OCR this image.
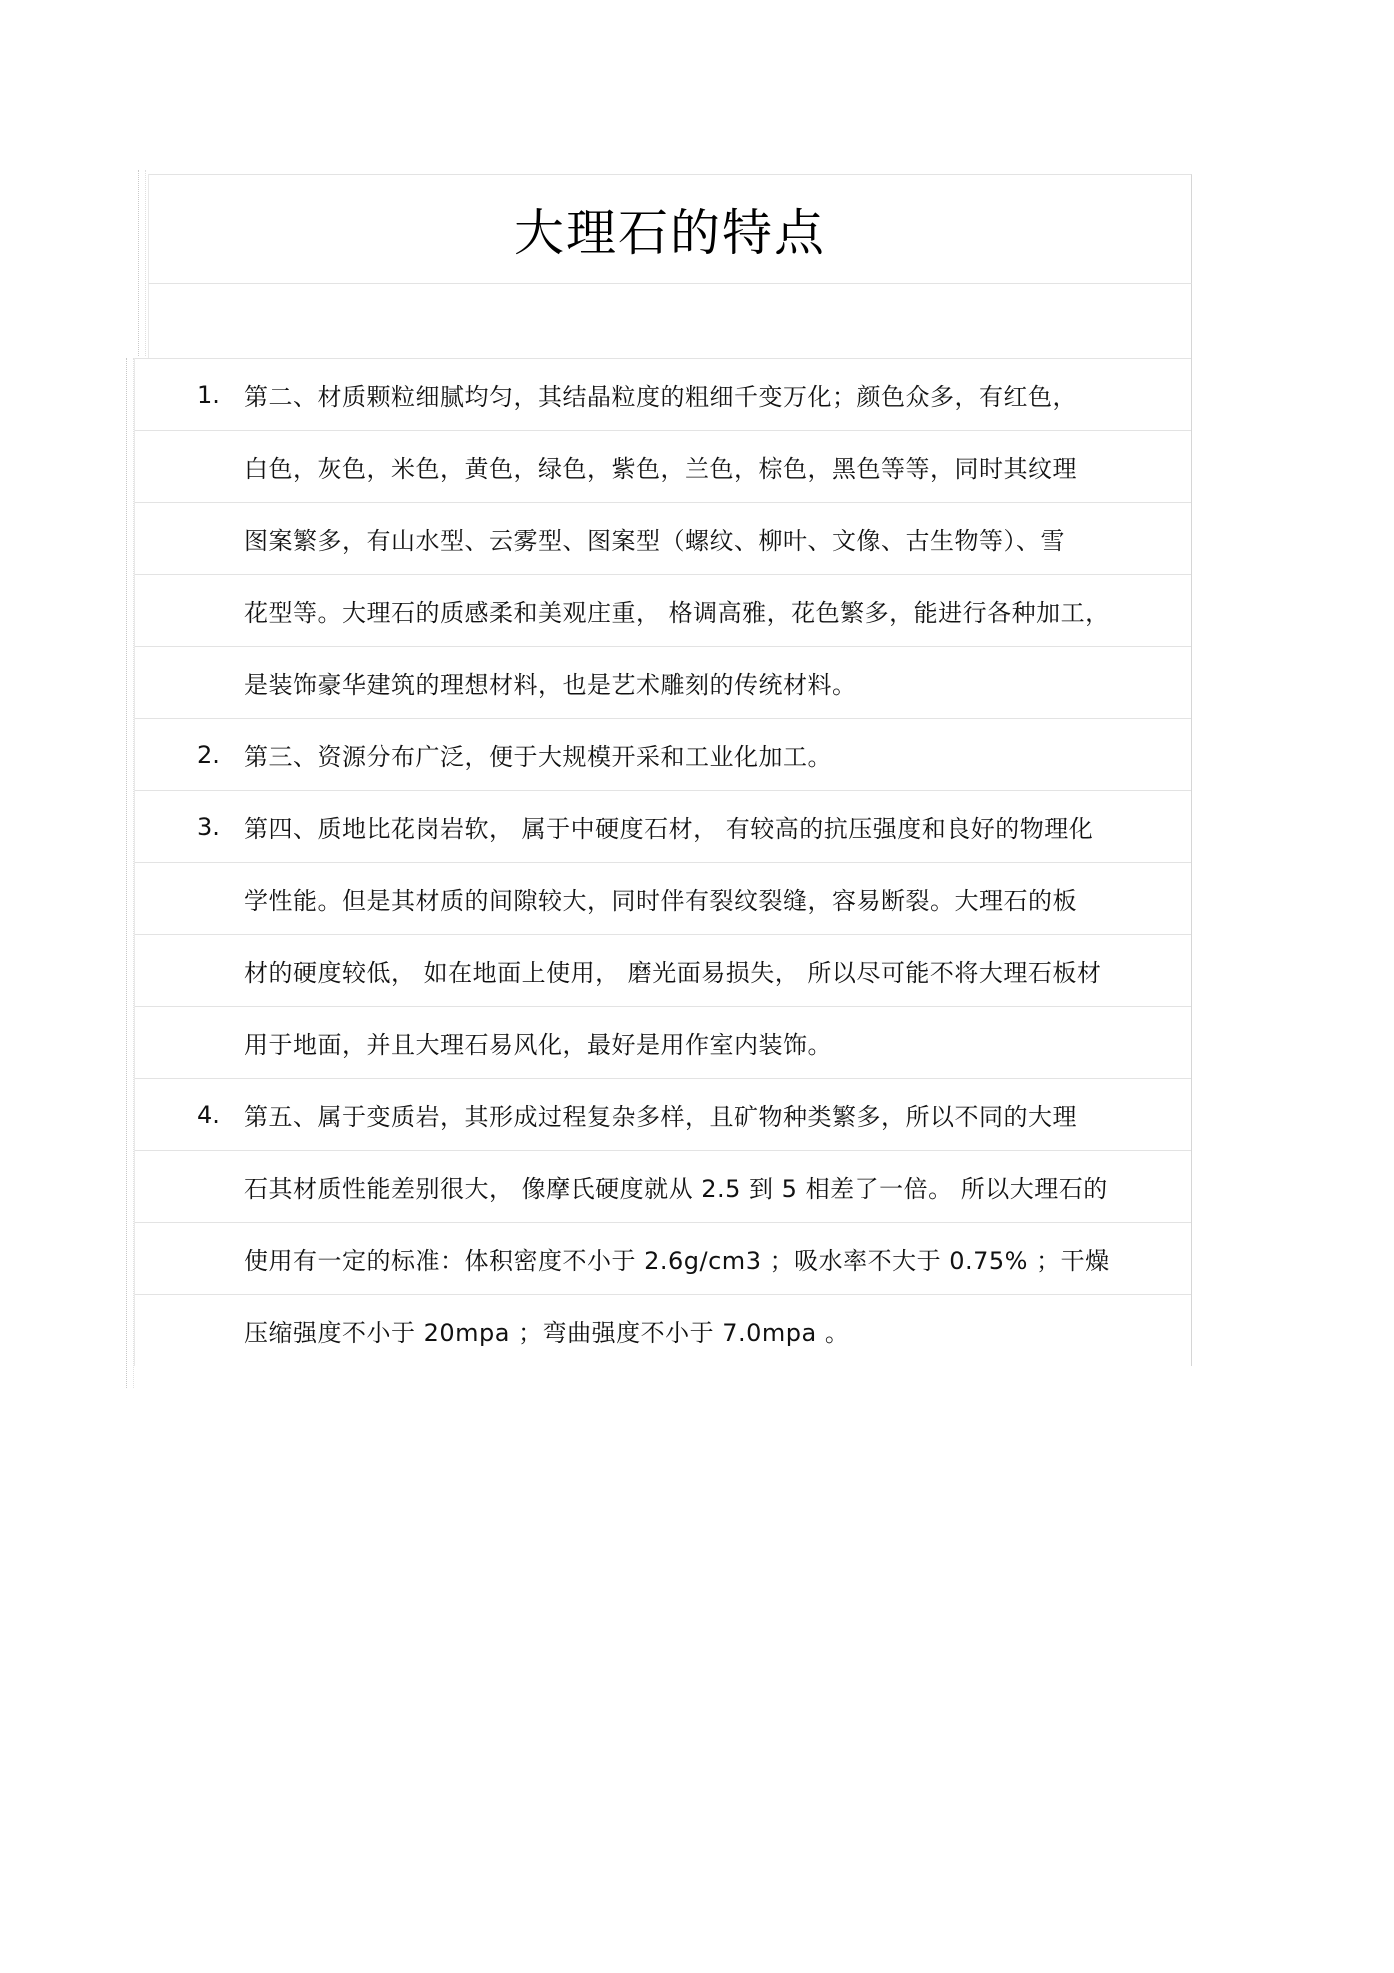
大理石的特点
1. 第二、材质颗粒细腻均匀，其结晶粒度的粗细千变万化；颜色众多，有红色，
白色，灰色，米色，黄色，绿色，紫色，兰色，棕色，黑色等等，同时其纹理
图案繁多，有山水型、云雾型、图案型（螺纹、柳叶、文像、古生物等）、雪
花型等。大理石的质感柔和美观庄重， 格调高雅，花色繁多，能进行各种加工，
是装饰豪华建筑的理想材料，也是艺术雕刻的传统材料。
2. 第三、资源分布广泛，便于大规模开采和工业化加工。
3. 第四、质地比花岗岩软， 属于中硬度石材， 有较高的抗压强度和良好的物理化
学性能。但是其材质的间隙较大，同时伴有裂纹裂缝，容易断裂。大理石的板
材的硬度较低， 如在地面上使用， 磨光面易损失， 所以尽可能不将大理石板材
用于地面，并且大理石易风化，最好是用作室内装饰。
4. 第五、属于变质岩，其形成过程复杂多样，且矿物种类繁多，所以不同的大理
石其材质性能差别很大， 像摩氏硬度就从 2.5 到 5 相差了一倍。 所以大理石的
使用有一定的标准：体积密度不小于 2.6g/cm3 ；吸水率不大于 0.75% ；干燥
压缩强度不小于 20mpa ；弯曲强度不小于 7.0mpa 。
